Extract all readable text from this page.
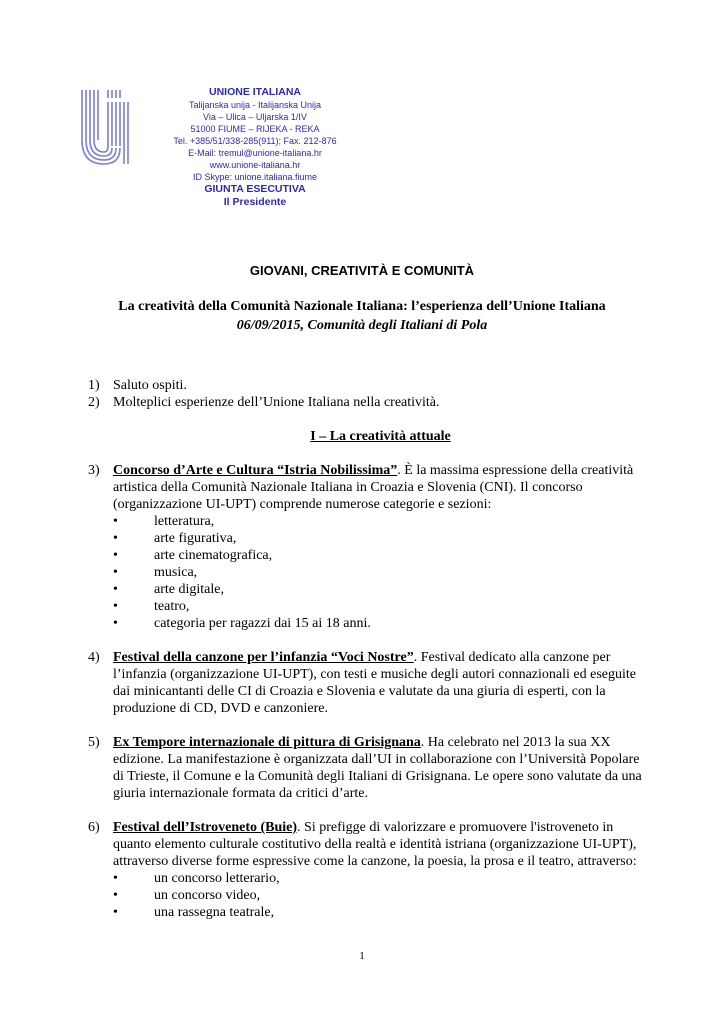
UNIONE ITALIANA
Talijanska unija - Italijanska Unija
Via – Ulica – Uljarska 1/IV
51000 FIUME – RIJEKA - REKA
Tel. +385/51/338-285(911); Fax. 212-876
E-Mail: tremul@unione-italiana.hr
www.unione-italiana.hr
ID Skype: unione.italiana.fiume
GIUNTA ESECUTIVA
Il Presidente
GIOVANI, CREATIVITÀ E COMUNITÀ
La creatività della Comunità Nazionale Italiana: l’esperienza dell’Unione Italiana
06/09/2015, Comunità degli Italiani di Pola
1) Saluto ospiti.
2) Molteplici esperienze dell’Unione Italiana nella creatività.
I – La creatività attuale
3) Concorso d’Arte e Cultura “Istria Nobilissima”. È la massima espressione della creatività artistica della Comunità Nazionale Italiana in Croazia e Slovenia (CNI). Il concorso (organizzazione UI-UPT) comprende numerose categorie e sezioni:
•	letteratura,
•	arte figurativa,
•	arte cinematografica,
•	musica,
•	arte digitale,
•	teatro,
•	categoria per ragazzi dai 15 ai 18 anni.
4) Festival della canzone per l’infanzia “Voci Nostre”. Festival dedicato alla canzone per l’infanzia (organizzazione UI-UPT), con testi e musiche degli autori connazionali ed eseguite dai minicantanti delle CI di Croazia e Slovenia e valutate da una giuria di esperti, con la produzione di CD, DVD e canzoniere.
5) Ex Tempore internazionale di pittura di Grisignana. Ha celebrato nel 2013 la sua XX edizione. La manifestazione è organizzata dall’UI in collaborazione con l’Università Popolare di Trieste, il Comune e la Comunità degli Italiani di Grisignana. Le opere sono valutate da una giuria internazionale formata da critici d’arte.
6) Festival dell’Istroveneto (Buie). Si prefigge di valorizzare e promuovere l'istroveneto in quanto elemento culturale costitutivo della realtà e identità istriana (organizzazione UI-UPT), attraverso diverse forme espressive come la canzone, la poesia, la prosa e il teatro, attraverso:
•	un concorso letterario,
•	un concorso video,
•	una rassegna teatrale,
1
